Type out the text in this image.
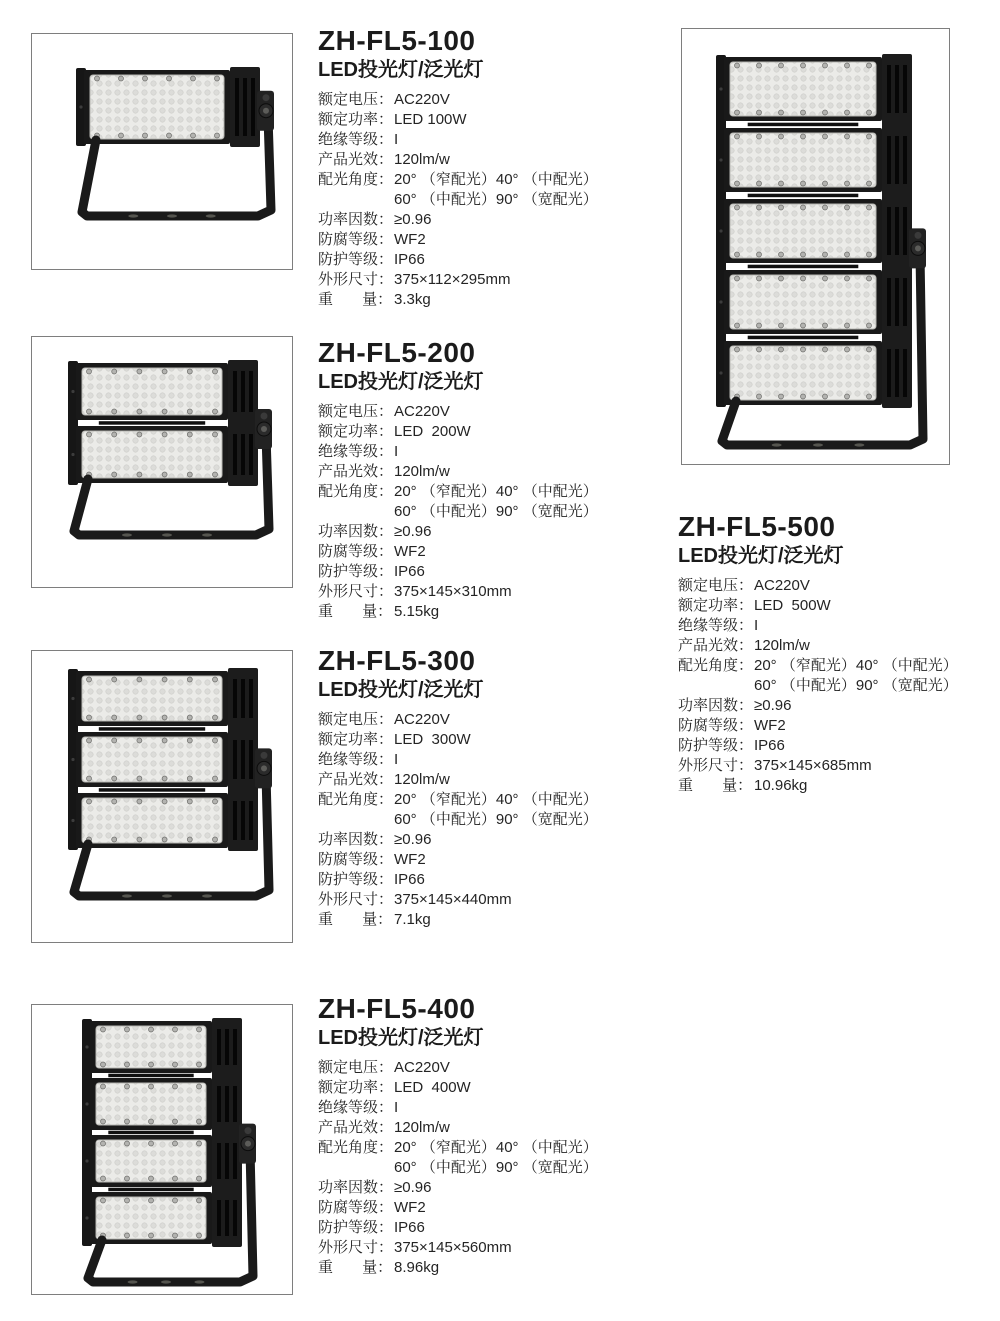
ZH-FL5-100
LED投光灯/泛光灯
额定电压： AC220V
额定功率： LED 100W
绝缘等级： I
产品光效： 120lm/w
配光角度： 20° （窄配光）40° （中配光）
60° （中配光）90° （宽配光）
功率因数： ≥0.96
防腐等级： WF2
防护等级： IP66
外形尺寸： 375×112×295mm
重       量： 3.3kg
ZH-FL5-200
LED投光灯/泛光灯
额定电压： AC220V
额定功率： LED  200W
绝缘等级： I
产品光效： 120lm/w
配光角度： 20° （窄配光）40° （中配光）
60° （中配光）90° （宽配光）
功率因数： ≥0.96
防腐等级： WF2
防护等级： IP66
外形尺寸： 375×145×310mm
重       量： 5.15kg
ZH-FL5-300
LED投光灯/泛光灯
额定电压： AC220V
额定功率： LED  300W
绝缘等级： I
产品光效： 120lm/w
配光角度： 20° （窄配光）40° （中配光）
60° （中配光）90° （宽配光）
功率因数： ≥0.96
防腐等级： WF2
防护等级： IP66
外形尺寸： 375×145×440mm
重       量： 7.1kg
ZH-FL5-400
LED投光灯/泛光灯
额定电压： AC220V
额定功率： LED  400W
绝缘等级： I
产品光效： 120lm/w
配光角度： 20° （窄配光）40° （中配光）
60° （中配光）90° （宽配光）
功率因数： ≥0.96
防腐等级： WF2
防护等级： IP66
外形尺寸： 375×145×560mm
重       量： 8.96kg
ZH-FL5-500
LED投光灯/泛光灯
额定电压： AC220V
额定功率： LED  500W
绝缘等级： I
产品光效： 120lm/w
配光角度： 20° （窄配光）40° （中配光）
60° （中配光）90° （宽配光）
功率因数： ≥0.96
防腐等级： WF2
防护等级： IP66
外形尺寸： 375×145×685mm
重       量： 10.96kg
